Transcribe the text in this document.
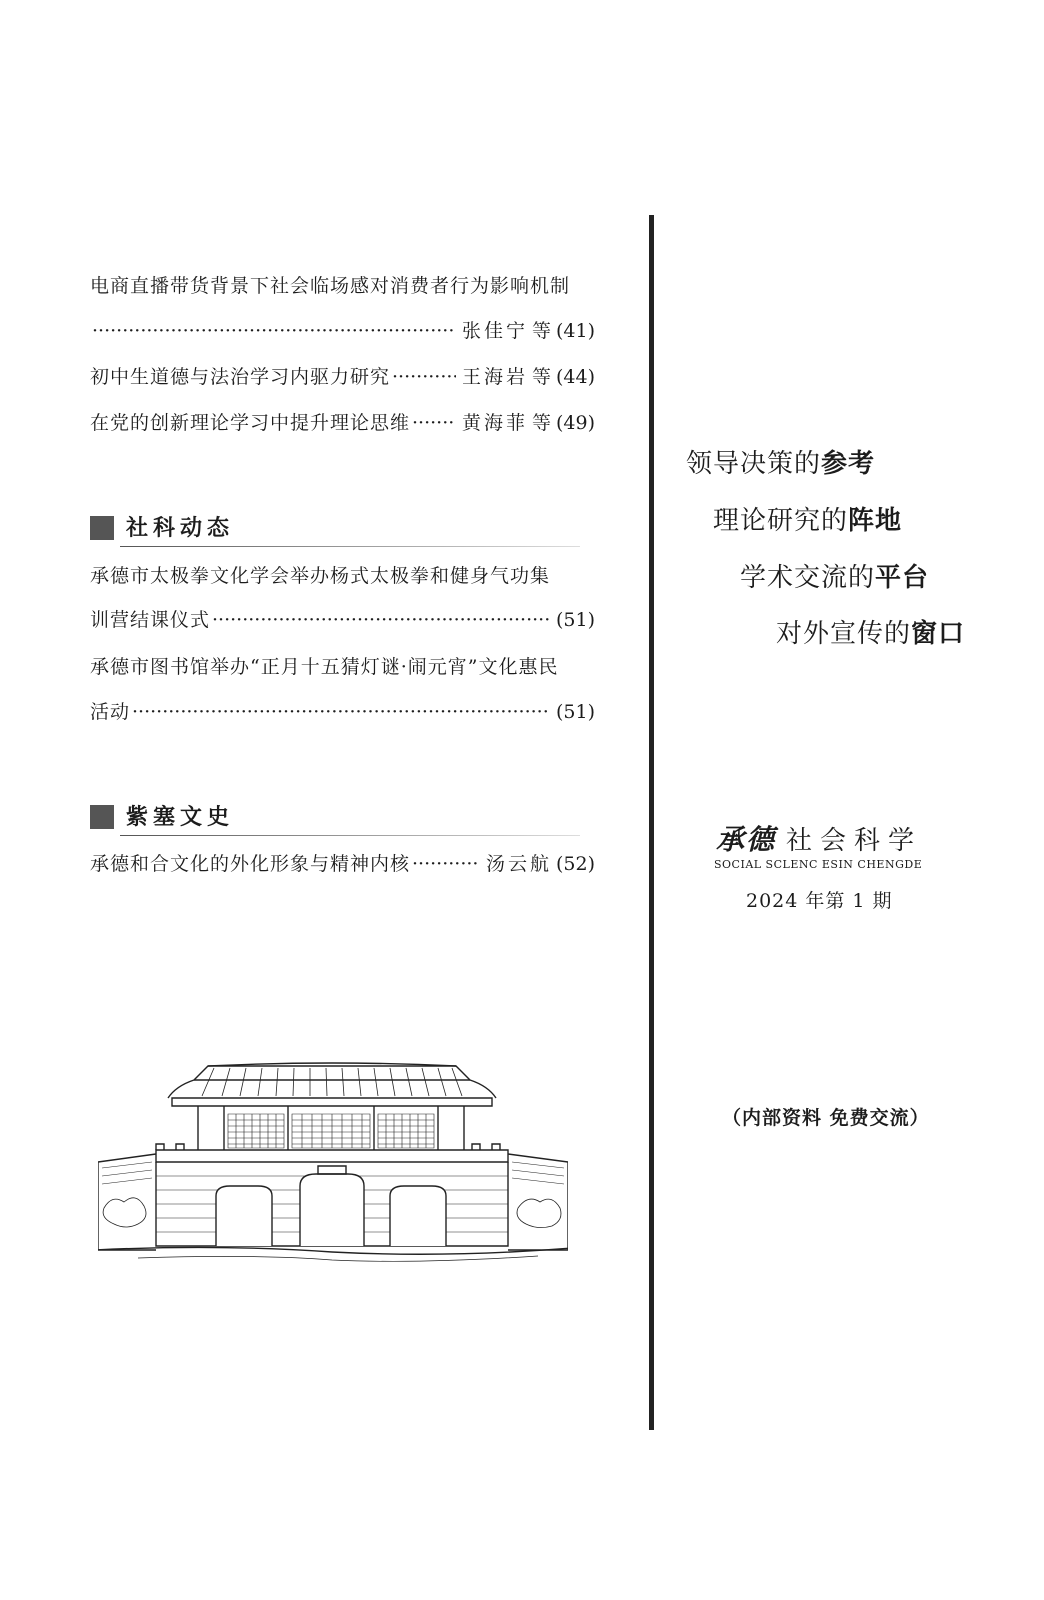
电商直播带货背景下社会临场感对消费者行为影响机制
·····
张佳宁 等 (41)
初中生道德与法治学习内驱力研究 ·····	王海岩 等 (44)
在党的创新理论学习中提升理论思维 ·····	黄海菲 等 (49)
承德市太极拳文化学会举办杨式太极拳和健身气功集
训营结课仪式 ·····	(51)
承德市图书馆举办“正月十五猜灯谜·闹元宵”文化惠民
活动 ·····	(51)
承德和合文化的外化形象与精神内核 ·····	汤云航 (52)
社科动态
紫塞文史
领导决策的参考
理论研究的阵地
学术交流的平台
对外宣传的窗口
承德 社会科学
SOCIAL SCLENC ESIN CHENGDE
2024 年第 1 期
（内部资料 免费交流）
